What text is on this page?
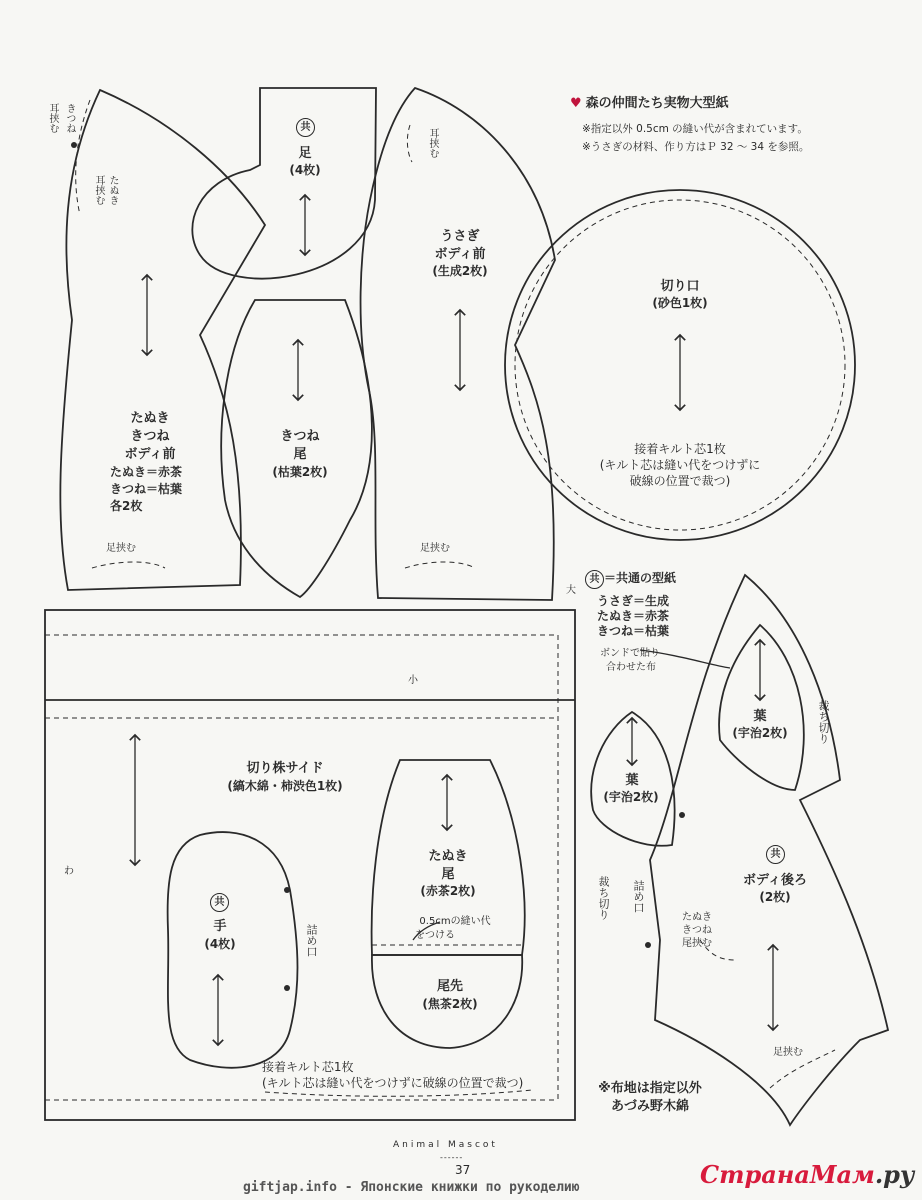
♥ 森の仲間たち実物大型紙
※指定以外 0.5cm の縫い代が含まれています。
※うさぎの材料、作り方はＰ 32 ～ 34 を参照。
きつね
耳挟む
たぬき
耳挟む
たぬき
きつね
ボディ前
たぬき＝赤茶
きつね＝枯葉
各2枚
足挟む
共
足
(4枚)
きつね
尾
(枯葉2枚)
耳挟む
うさぎ
ボディ前
(生成2枚)
足挟む
切り口
(砂色1枚)
接着キルト芯1枚
(キルト芯は縫い代をつけずに
破線の位置で裁つ)
共 ＝共通の型紙
うさぎ＝生成
たぬき＝赤茶
きつね＝枯葉
ボンドで貼り
合わせた布
葉
(宇治2枚)	裁ち切り
葉
(宇治2枚)
裁ち切り 詰め口
共
ボディ後ろ
(2枚)
たぬき
きつね
尾挟む
足挟む
大
小
わ
切り株サイド
(縞木綿・柿渋色1枚)
接着キルト芯1枚
(キルト芯は縫い代をつけずに破線の位置で裁つ)
共
手
(4枚)	詰め口
たぬき
尾
(赤茶2枚)
0.5cmの縫い代
をつける
尾先
(焦茶2枚)
※布地は指定以外
あづみ野木綿
Animal Mascot
------
37
giftjap.info - Японские книжки по рукоделию	СтранаМам.ру
